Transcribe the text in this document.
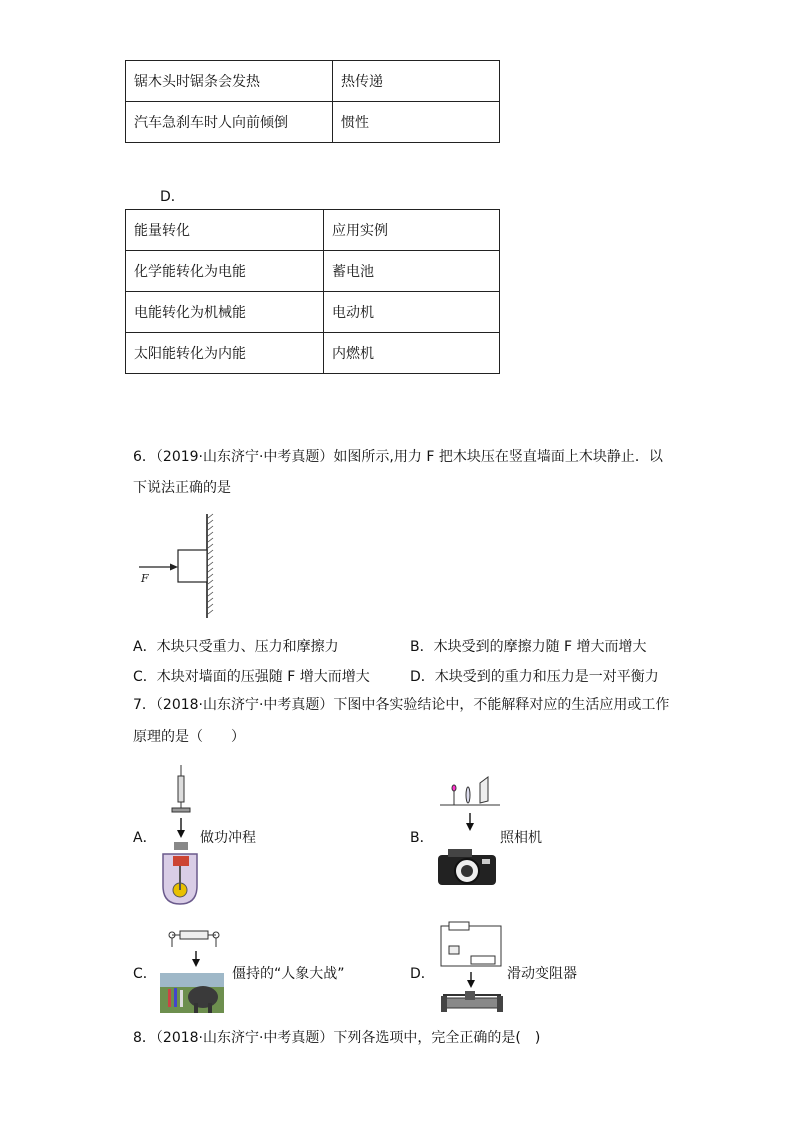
锯木头时锯条会发热	热传递
汽车急刹车时人向前倾倒	惯性
D．
能量转化	应用实例
化学能转化为电能	蓄电池
电能转化为机械能	电动机
太阳能转化为内能	内燃机
6．（2019·山东济宁·中考真题）如图所示,用力 F 把木块压在竖直墙面上木块静止．以
下说法正确的是
F
A．木块只受重力、压力和摩擦力	B．木块受到的摩擦力随 F 增大而增大
C．木块对墙面的压强随 F 增大而增大	D．木块受到的重力和压力是一对平衡力
7．（2018·山东济宁·中考真题）下图中各实验结论中，不能解释对应的生活应用或工作
原理的是（　　）
A．	做功冲程	B．	照相机
C．	僵持的“人象大战”	D．	滑动变阻器
8．（2018·山东济宁·中考真题）下列各选项中，完全正确的是(　)
